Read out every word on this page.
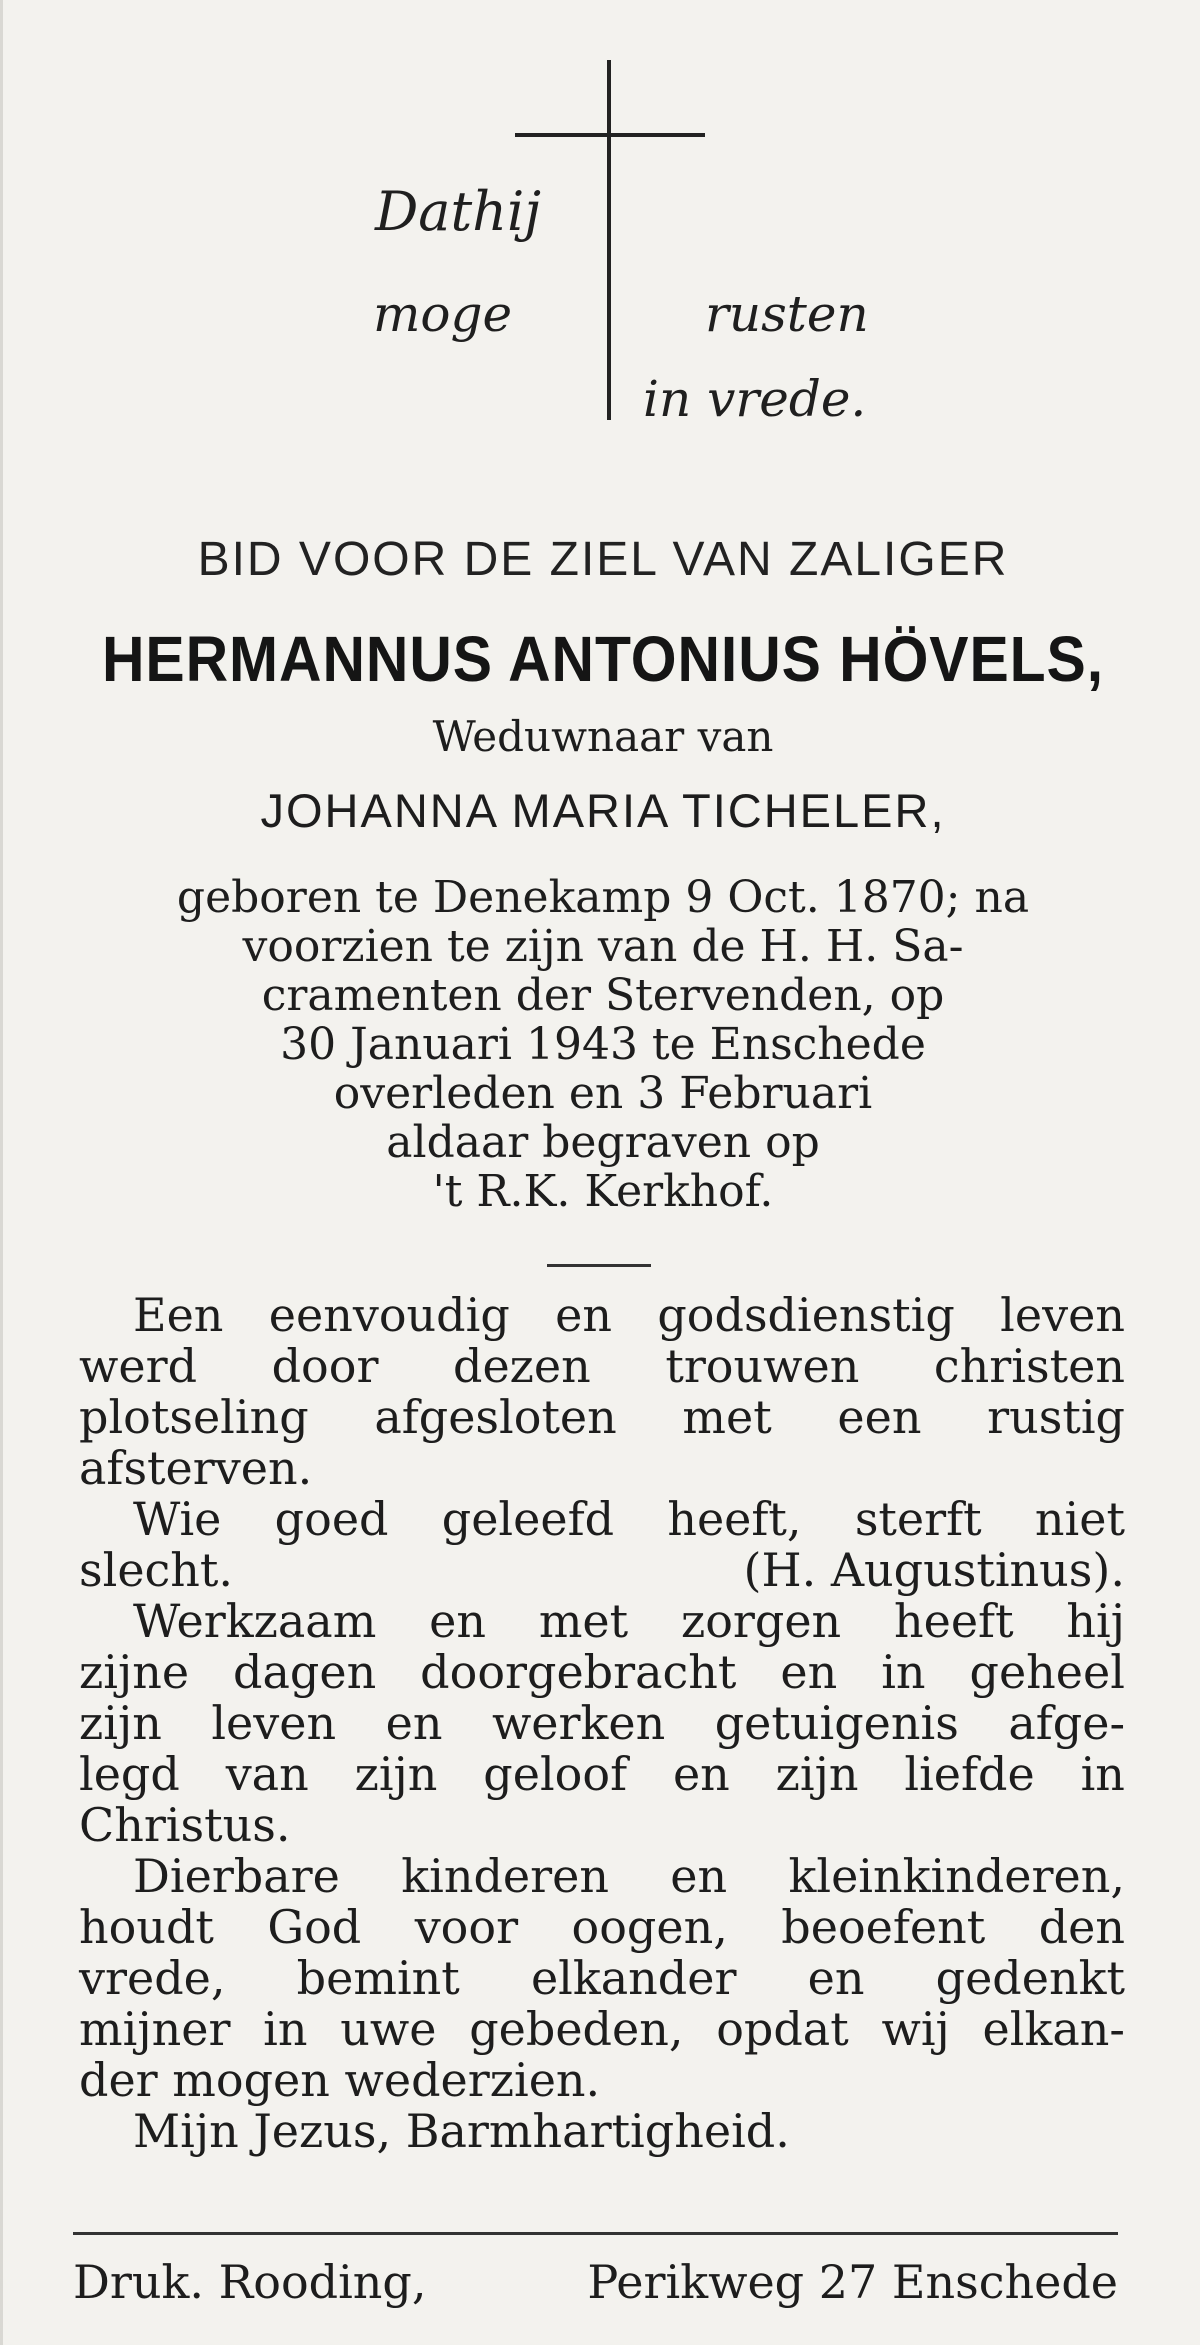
Dathij
moge	rusten
in vrede.
BID VOOR DE ZIEL VAN ZALIGER
HERMANNUS ANTONIUS HÖVELS,
Weduwnaar van
JOHANNA MARIA TICHELER,
geboren te Denekamp 9 Oct. 1870; na
voorzien te zijn van de H. H. Sa-
cramenten der Stervenden, op
30 Januari 1943 te Enschede
overleden en 3 Februari
aldaar begraven op
't R.K. Kerkhof.
Een eenvoudig en godsdienstig leven
werd door dezen trouwen christen
plotseling afgesloten met een rustig
afsterven.
Wie goed geleefd heeft, sterft niet
slecht.	(H. Augustinus).
Werkzaam en met zorgen heeft hij
zijne dagen doorgebracht en in geheel
zijn leven en werken getuigenis afge-
legd van zijn geloof en zijn liefde in
Christus.
Dierbare kinderen en kleinkinderen,
houdt God voor oogen, beoefent den
vrede, bemint elkander en gedenkt
mijner in uwe gebeden, opdat wij elkan-
der mogen wederzien.
Mijn Jezus, Barmhartigheid.
Druk. Rooding,	Perikweg 27 Enschede
